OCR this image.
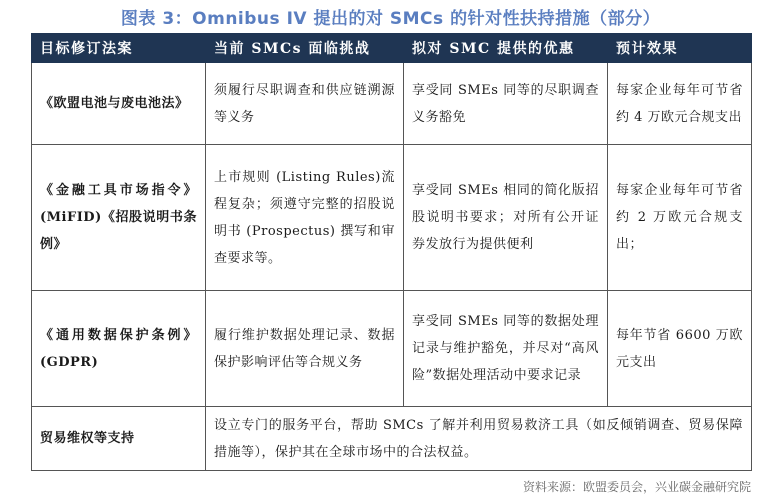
图表 3：Omnibus IV 提出的对 SMCs 的针对性扶持措施（部分）
目标修订法案	当前 SMCs 面临挑战	拟对 SMC 提供的优惠	预计效果
《欧盟电池与废电池法》	须履行尽职调查和供应链溯源等义务	享受同 SMEs 同等的尽职调查义务豁免	每家企业每年可节省约 4 万欧元合规支出
《金融工具市场指令》(MiFID)《招股说明书条例》	上市规则 (Listing Rules)流程复杂；须遵守完整的招股说明书 (Prospectus) 撰写和审查要求等。	享受同 SMEs 相同的简化版招股说明书要求；对所有公开证券发放行为提供便利	每家企业每年可节省约 2 万欧元合规支出；
《通用数据保护条例》(GDPR)	履行维护数据处理记录、数据保护影响评估等合规义务	享受同 SMEs 同等的数据处理记录与维护豁免，并尽对“高风险”数据处理活动中要求记录	每年节省 6600 万欧元支出
贸易维权等支持	设立专门的服务平台，帮助 SMCs 了解并利用贸易救济工具（如反倾销调查、贸易保障措施等），保护其在全球市场中的合法权益。		
资料来源：欧盟委员会，兴业碳金融研究院
